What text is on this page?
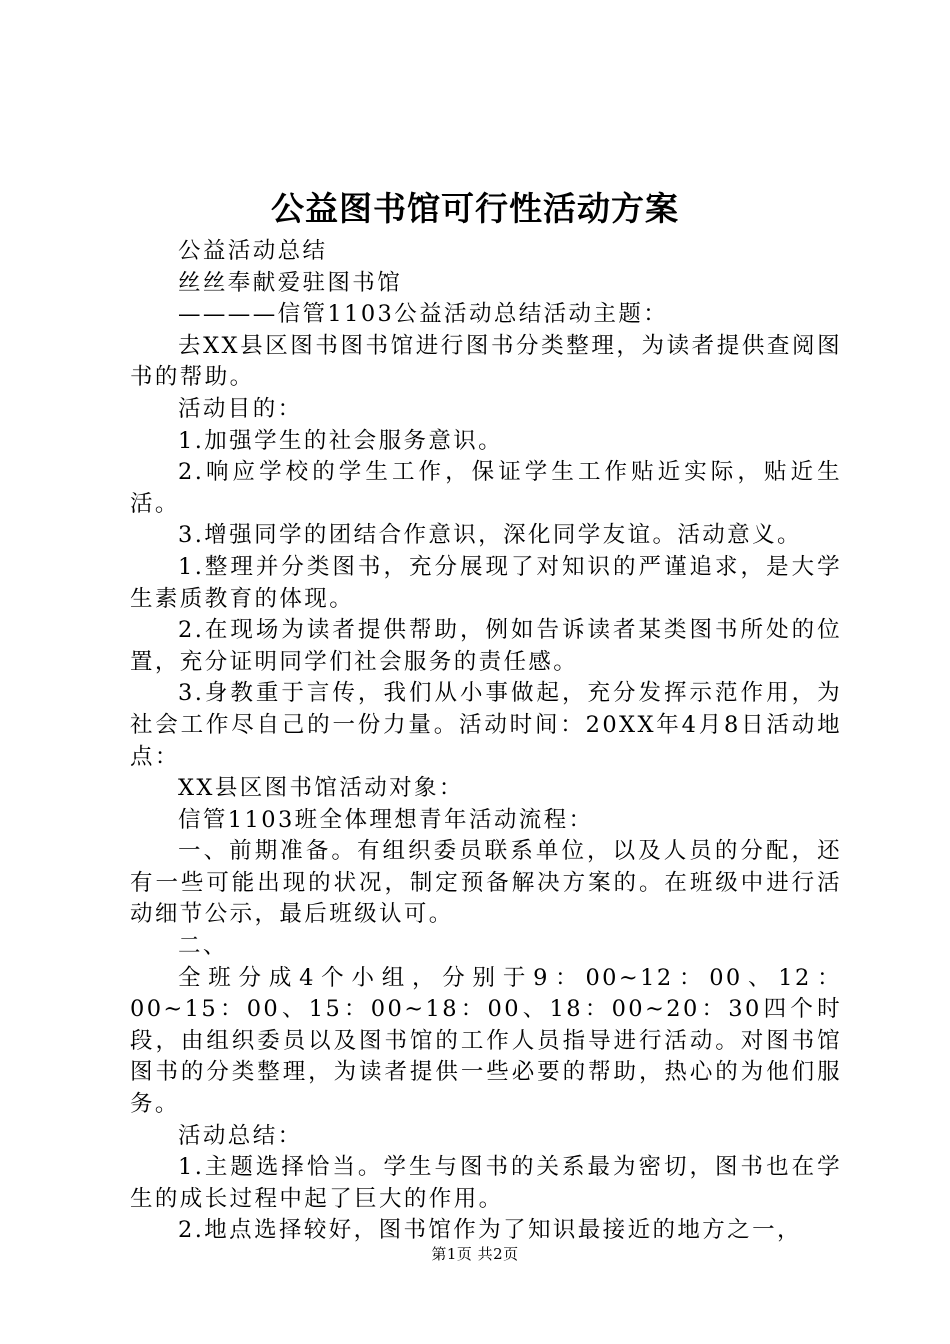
公益图书馆可行性活动方案

公益活动总结

丝丝奉献爱驻图书馆

————信管1103公益活动总结活动主题：

去XX县区图书图书馆进行图书分类整理，为读者提供查阅图书的帮助。

活动目的：

1.加强学生的社会服务意识。

2.响应学校的学生工作，保证学生工作贴近实际，贴近生活。

3.增强同学的团结合作意识，深化同学友谊。活动意义。

1.整理并分类图书，充分展现了对知识的严谨追求，是大学生素质教育的体现。

2.在现场为读者提供帮助，例如告诉读者某类图书所处的位置，充分证明同学们社会服务的责任感。

3.身教重于言传，我们从小事做起，充分发挥示范作用，为社会工作尽自己的一份力量。活动时间：20XX年4月8日活动地点：

XX县区图书馆活动对象：

信管1103班全体理想青年活动流程：

一、前期准备。有组织委员联系单位，以及人员的分配，还有一些可能出现的状况，制定预备解决方案的。在班级中进行活动细节公示，最后班级认可。

二、

全班分成4个小组，分别于9：00~12：00、12：00~15：00、15：00~18：00、18：00~20：30四个时段，由组织委员以及图书馆的工作人员指导进行活动。对图书馆图书的分类整理，为读者提供一些必要的帮助，热心的为他们服务。

活动总结：

1.主题选择恰当。学生与图书的关系最为密切，图书也在学生的成长过程中起了巨大的作用。

2.地点选择较好，图书馆作为了知识最接近的地方之一，

第1页 共2页
